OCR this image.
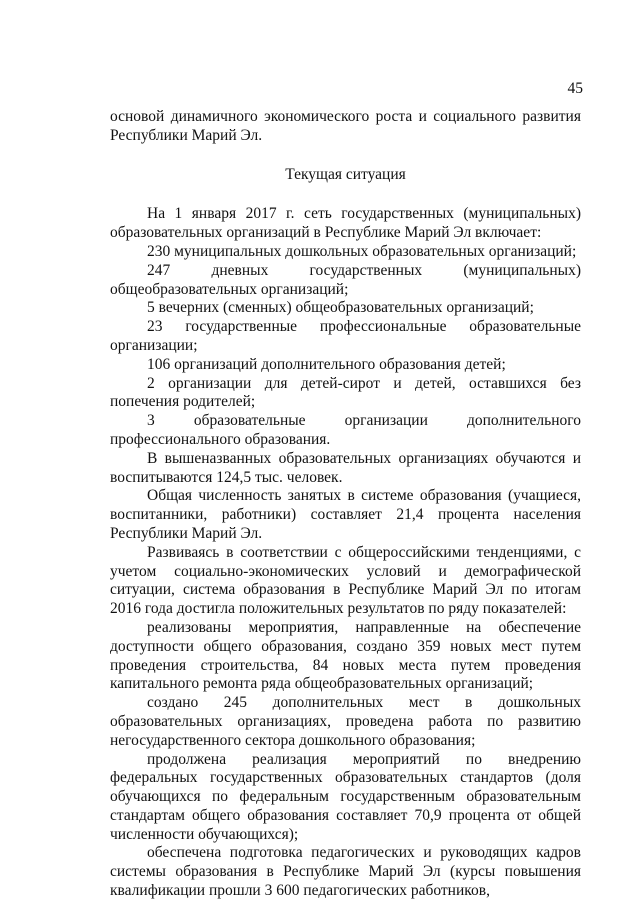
45

основой динамичного экономического роста и социального развития Республики Марий Эл.

Текущая ситуация

На 1 января 2017 г. сеть государственных (муниципальных) образовательных организаций в Республике Марий Эл включает:

230 муниципальных дошкольных образовательных организаций;

247 дневных государственных (муниципальных) общеобразовательных организаций;

5 вечерних (сменных) общеобразовательных организаций;

23 государственные профессиональные образовательные организации;

106 организаций дополнительного образования детей;

2 организации для детей-сирот и детей, оставшихся без попечения родителей;

3 образовательные организации дополнительного профессионального образования.

В вышеназванных образовательных организациях обучаются и воспитываются 124,5 тыс. человек.

Общая численность занятых в системе образования (учащиеся, воспитанники, работники) составляет 21,4 процента населения Республики Марий Эл.

Развиваясь в соответствии с общероссийскими тенденциями, с учетом социально-экономических условий и демографической ситуации, система образования в Республике Марий Эл по итогам 2016 года достигла положительных результатов по ряду показателей:

реализованы мероприятия, направленные на обеспечение доступности общего образования, создано 359 новых мест путем проведения строительства, 84 новых места путем проведения капитального ремонта ряда общеобразовательных организаций;

создано 245 дополнительных мест в дошкольных образовательных организациях, проведена работа по развитию негосударственного сектора дошкольного образования;

продолжена реализация мероприятий по внедрению федеральных государственных образовательных стандартов (доля обучающихся по федеральным государственным образовательным стандартам общего образования составляет 70,9 процента от общей численности обучающихся);

обеспечена подготовка педагогических и руководящих кадров системы образования в Республике Марий Эл (курсы повышения квалификации прошли 3 600 педагогических работников,
